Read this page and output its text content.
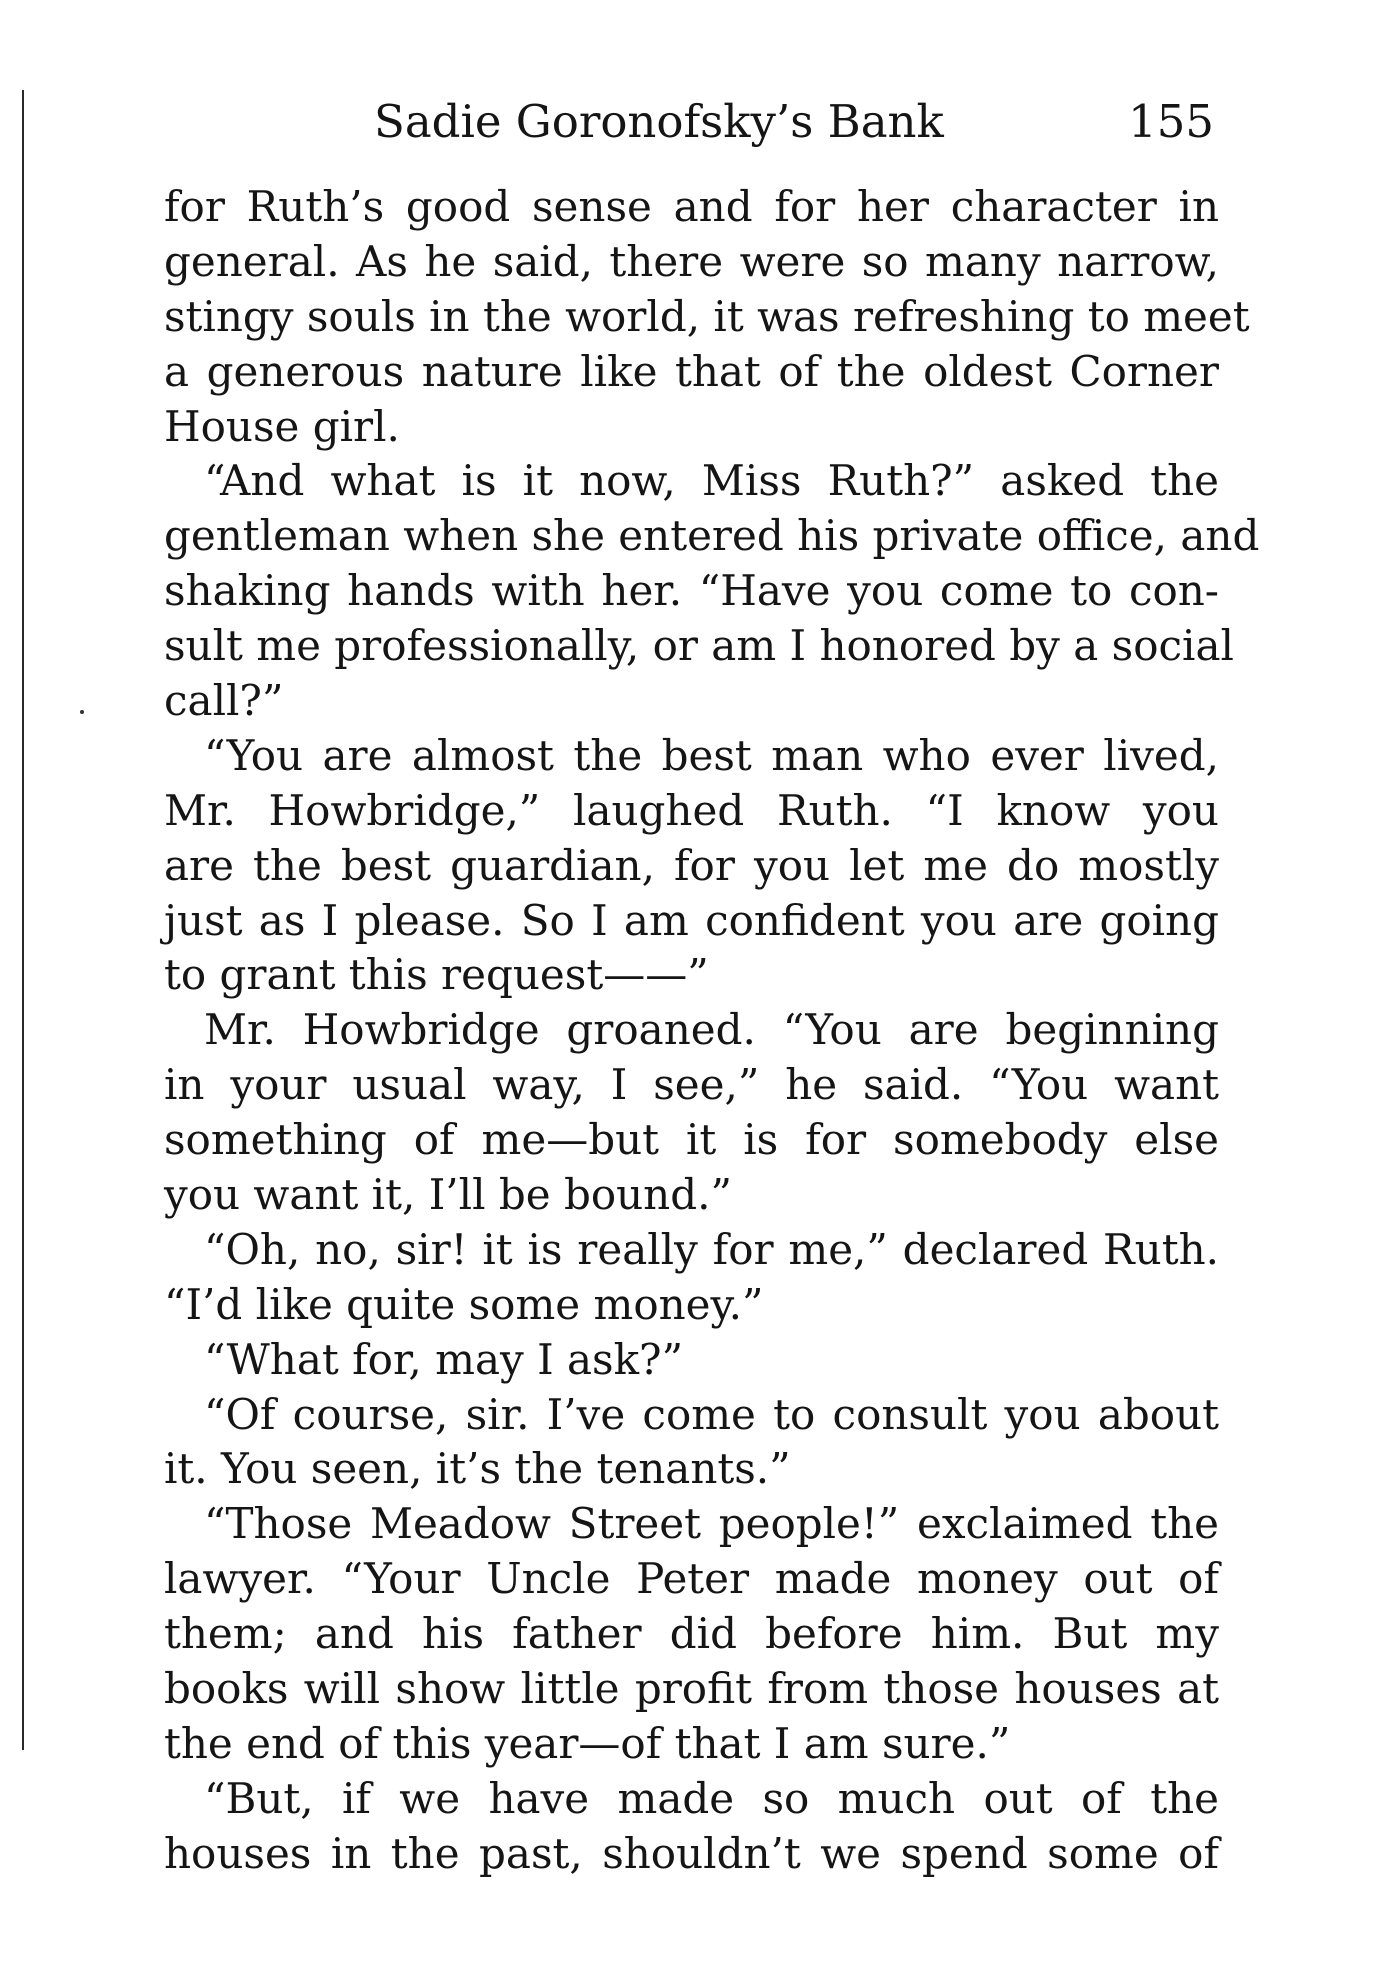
Sadie Goronofsky’s Bank	155
for Ruth’s good sense and for her character in
general. As he said, there were so many narrow,
stingy souls in the world, it was refreshing to meet
a generous nature like that of the oldest Corner
House girl.
“And what is it now, Miss Ruth?” asked the
gentleman when she entered his private office, and
shaking hands with her. “Have you come to con-
sult me professionally, or am I honored by a social
call?”
“You are almost the best man who ever lived,
Mr. Howbridge,” laughed Ruth. “I know you
are the best guardian, for you let me do mostly
just as I please. So I am confident you are going
to grant this request——”
Mr. Howbridge groaned. “You are beginning
in your usual way, I see,” he said. “You want
something of me—but it is for somebody else
you want it, I’ll be bound.”
“Oh, no, sir! it is really for me,” declared Ruth.
“I’d like quite some money.”
“What for, may I ask?”
“Of course, sir. I’ve come to consult you about
it. You seen, it’s the tenants.”
“Those Meadow Street people!” exclaimed the
lawyer. “Your Uncle Peter made money out of
them; and his father did before him. But my
books will show little profit from those houses at
the end of this year—of that I am sure.”
“But, if we have made so much out of the
houses in the past, shouldn’t we spend some of
